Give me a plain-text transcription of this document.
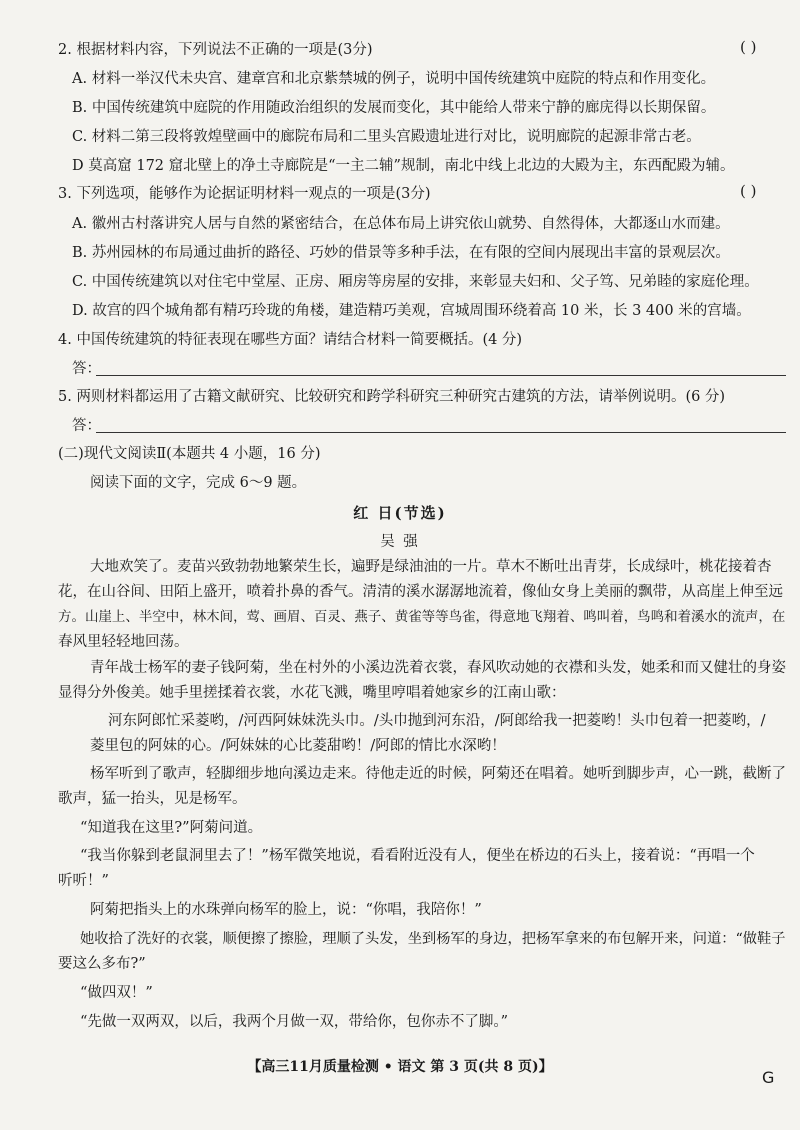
2. 根据材料内容，下列说法不正确的一项是(3分)	( )
A. 材料一举汉代未央宫、建章宫和北京紫禁城的例子，说明中国传统建筑中庭院的特点和作用变化。
B. 中国传统建筑中庭院的作用随政治组织的发展而变化，其中能给人带来宁静的廊庑得以长期保留。
C. 材料二第三段将敦煌壁画中的廊院布局和二里头宫殿遗址进行对比，说明廊院的起源非常古老。
D 莫高窟 172 窟北壁上的净土寺廊院是“一主二辅”规制，南北中线上北边的大殿为主，东西配殿为辅。
3. 下列选项，能够作为论据证明材料一观点的一项是(3分)	( )
A. 徽州古村落讲究人居与自然的紧密结合，在总体布局上讲究依山就势、自然得体，大都逐山水而建。
B. 苏州园林的布局通过曲折的路径、巧妙的借景等多种手法，在有限的空间内展现出丰富的景观层次。
C. 中国传统建筑以对住宅中堂屋、正房、厢房等房屋的安排，来彰显夫妇和、父子笃、兄弟睦的家庭伦理。
D. 故宫的四个城角都有精巧玲珑的角楼，建造精巧美观，宫城周围环绕着高 10 米，长 3 400 米的宫墙。
4. 中国传统建筑的特征表现在哪些方面？请结合材料一简要概括。(4 分)
答：
5. 两则材料都运用了古籍文献研究、比较研究和跨学科研究三种研究古建筑的方法，请举例说明。(6 分)
答：
(二)现代文阅读Ⅱ(本题共 4 小题，16 分)
阅读下面的文字，完成 6～9 题。
红 日(节选)
吴 强
大地欢笑了。麦苗兴致勃勃地繁荣生长，遍野是绿油油的一片。草木不断吐出青芽，长成绿叶，桃花接着杏
花，在山谷间、田陌上盛开，喷着扑鼻的香气。清清的溪水潺潺地流着，像仙女身上美丽的飘带，从高崖上伸至远
方。山崖上、半空中，林木间，莺、画眉、百灵、燕子、黄雀等等鸟雀，得意地飞翔着、鸣叫着，鸟鸣和着溪水的流声，在
春风里轻轻地回荡。
青年战士杨军的妻子钱阿菊，坐在村外的小溪边洗着衣裳，春风吹动她的衣襟和头发，她柔和而又健壮的身姿
显得分外俊美。她手里搓揉着衣裳，水花飞溅，嘴里哼唱着她家乡的江南山歌：
河东阿郎忙采菱哟，/河西阿妹妹洗头巾。/头巾抛到河东沿，/阿郎给我一把菱哟！头巾包着一把菱哟，/
菱里包的阿妹的心。/阿妹妹的心比菱甜哟！/阿郎的情比水深哟！
杨军听到了歌声，轻脚细步地向溪边走来。待他走近的时候，阿菊还在唱着。她听到脚步声，心一跳，截断了
歌声，猛一抬头，见是杨军。
“知道我在这里?”阿菊问道。
“我当你躲到老鼠洞里去了！”杨军微笑地说，看看附近没有人，便坐在桥边的石头上，接着说：“再唱一个
听听！”
阿菊把指头上的水珠弹向杨军的脸上，说：“你唱，我陪你！”
她收拾了洗好的衣裳，顺便擦了擦脸，理顺了头发，坐到杨军的身边，把杨军拿来的布包解开来，问道：“做鞋子
要这么多布?”
“做四双！”
“先做一双两双，以后，我两个月做一双，带给你，包你赤不了脚。”
【高三11月质量检测 • 语文 第 3 页(共 8 页)】
G
